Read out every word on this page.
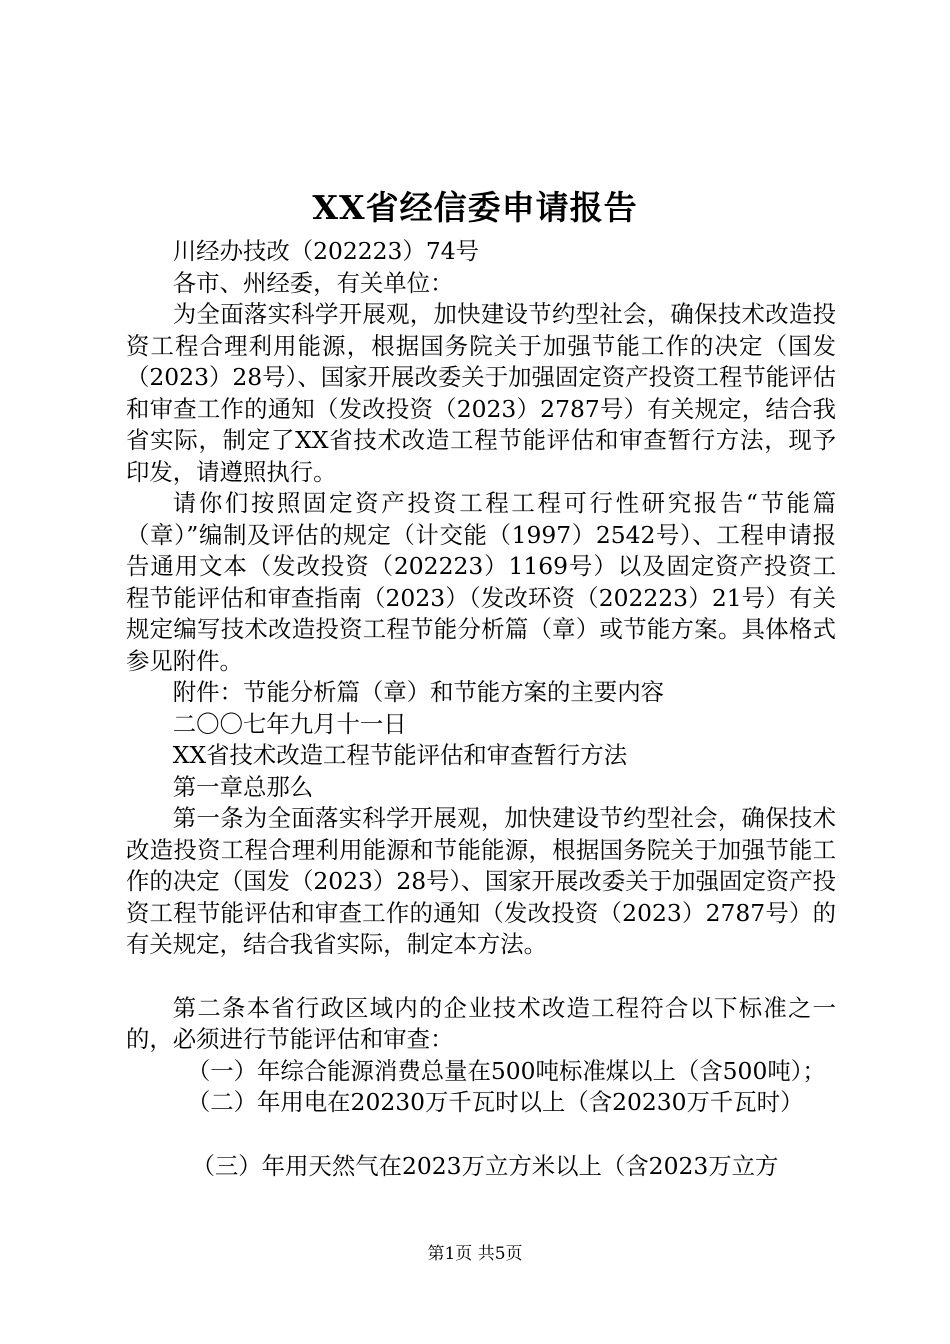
XX省经信委申请报告

川经办技改（202223）74号

各市、州经委，有关单位：

为全面落实科学开展观，加快建设节约型社会，确保技术改造投资工程合理利用能源，根据国务院关于加强节能工作的决定（国发（2023）28号）、国家开展改委关于加强固定资产投资工程节能评估和审查工作的通知（发改投资（2023）2787号）有关规定，结合我省实际，制定了XX省技术改造工程节能评估和审查暂行方法，现予印发，请遵照执行。

请你们按照固定资产投资工程工程可行性研究报告“节能篇（章）”编制及评估的规定（计交能（1997）2542号）、工程申请报告通用文本（发改投资（202223）1169号）以及固定资产投资工程节能评估和审查指南（2023）（发改环资（202223）21号）有关规定编写技术改造投资工程节能分析篇（章）或节能方案。具体格式参见附件。

附件：节能分析篇（章）和节能方案的主要内容

二〇〇七年九月十一日

XX省技术改造工程节能评估和审查暂行方法

第一章总那么

第一条为全面落实科学开展观，加快建设节约型社会，确保技术改造投资工程合理利用能源和节能能源，根据国务院关于加强节能工作的决定（国发（2023）28号）、国家开展改委关于加强固定资产投资工程节能评估和审查工作的通知（发改投资（2023）2787号）的有关规定，结合我省实际，制定本方法。

第二条本省行政区域内的企业技术改造工程符合以下标准之一的，必须进行节能评估和审查：

（一）年综合能源消费总量在500吨标准煤以上（含500吨）；

（二）年用电在20230万千瓦时以上（含20230万千瓦时）

（三）年用天然气在2023万立方米以上（含2023万立方

第1页 共5页
